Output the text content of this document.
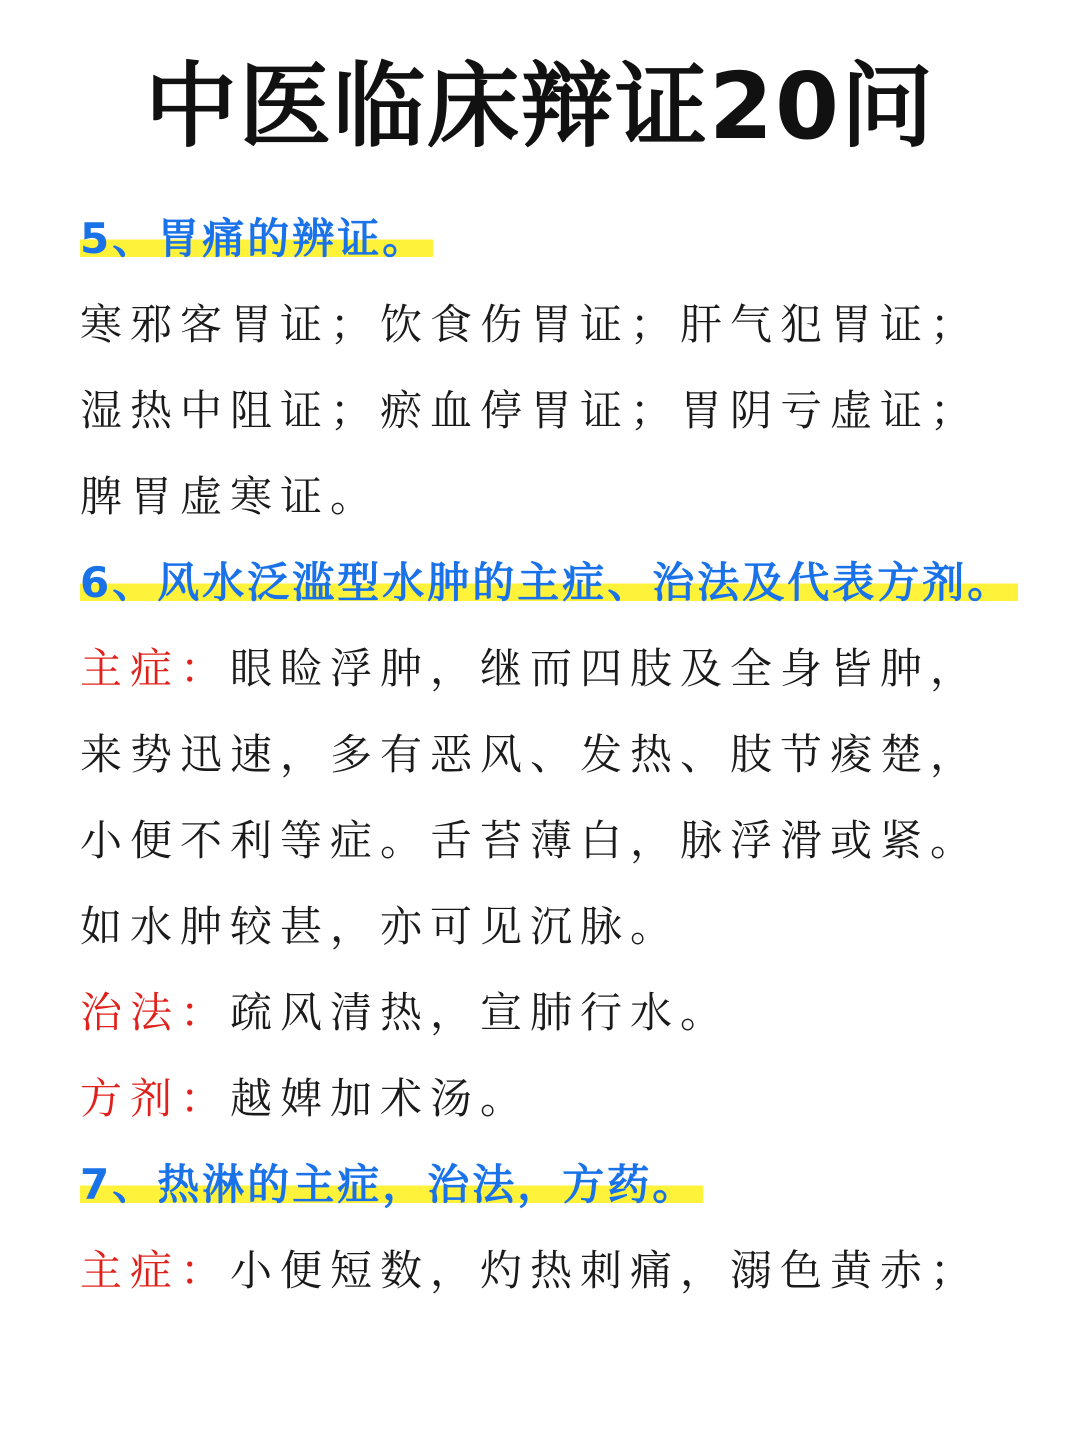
中医临床辩证20问
5、胃痛的辨证。
寒邪客胃证；饮食伤胃证；肝气犯胃证；湿热中阻证；瘀血停胃证；胃阴亏虚证；脾胃虚寒证。
6、风水泛滥型水肿的主症、治法及代表方剂。
主症：眼睑浮肿，继而四肢及全身皆肿，来势迅速，多有恶风、发热、肢节痠楚，小便不利等症。舌苔薄白，脉浮滑或紧。如水肿较甚，亦可见沉脉。
治法：疏风清热，宣肺行水。
方剂：越婢加术汤。
7、热淋的主症，治法，方药。
主症：小便短数，灼热刺痛，溺色黄赤；
